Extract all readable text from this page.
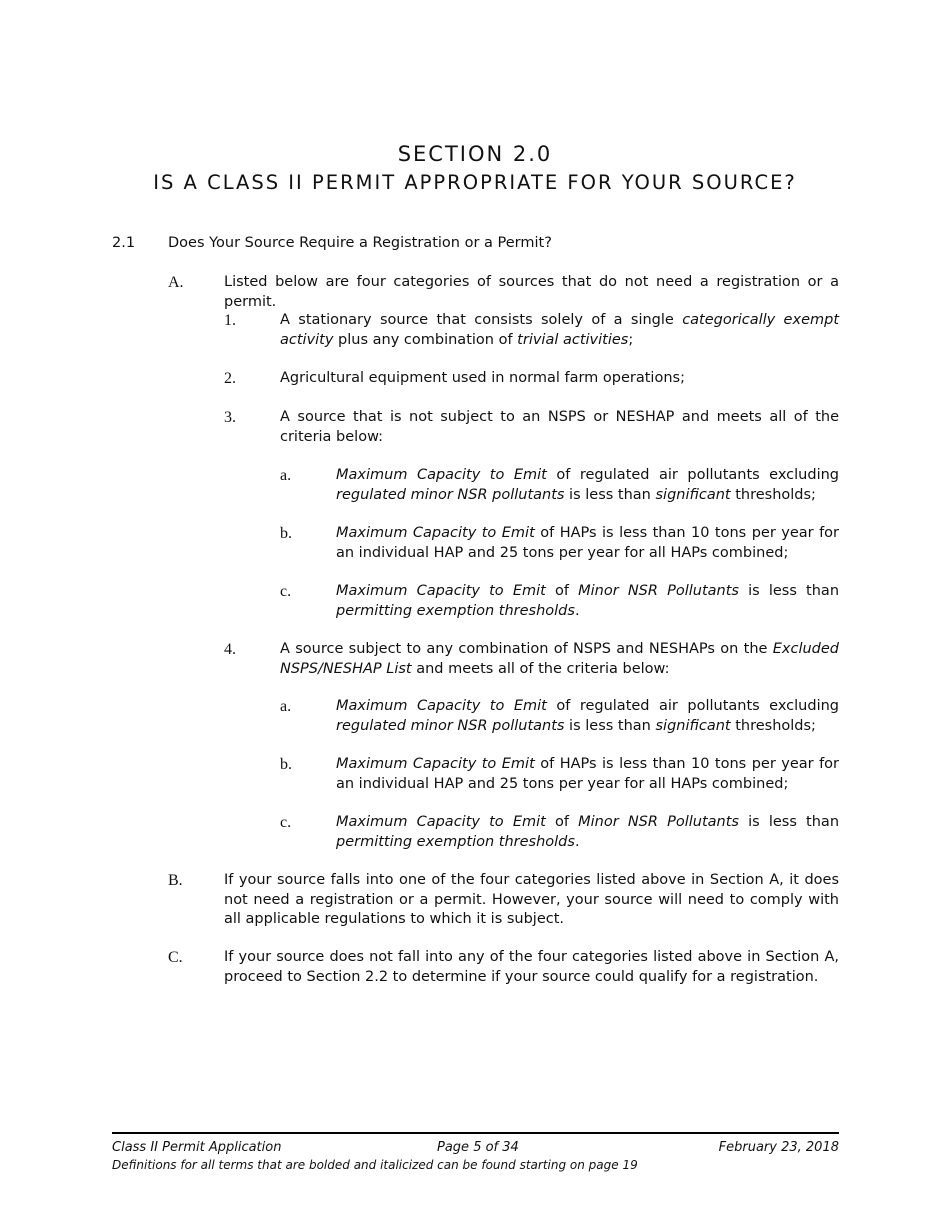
SECTION 2.0
IS A CLASS II PERMIT APPROPRIATE FOR YOUR SOURCE?
2.1 Does Your Source Require a Registration or a Permit?
A.	Listed below are four categories of sources that do not need a registration or a permit.
1.	A stationary source that consists solely of a single categorically exempt activity plus any combination of trivial activities;
2.	Agricultural equipment used in normal farm operations;
3.	A source that is not subject to an NSPS or NESHAP and meets all of the criteria below:
a.	Maximum Capacity to Emit of regulated air pollutants excluding regulated minor NSR pollutants is less than significant thresholds;
b.	Maximum Capacity to Emit of HAPs is less than 10 tons per year for an individual HAP and 25 tons per year for all HAPs combined;
c.	Maximum Capacity to Emit of Minor NSR Pollutants is less than permitting exemption thresholds.
4.	A source subject to any combination of NSPS and NESHAPs on the Excluded NSPS/NESHAP List and meets all of the criteria below:
a.	Maximum Capacity to Emit of regulated air pollutants excluding regulated minor NSR pollutants is less than significant thresholds;
b.	Maximum Capacity to Emit of HAPs is less than 10 tons per year for an individual HAP and 25 tons per year for all HAPs combined;
c.	Maximum Capacity to Emit of Minor NSR Pollutants is less than permitting exemption thresholds.
B.	If your source falls into one of the four categories listed above in Section A, it does not need a registration or a permit. However, your source will need to comply with all applicable regulations to which it is subject.
C.	If your source does not fall into any of the four categories listed above in Section A, proceed to Section 2.2 to determine if your source could qualify for a registration.
Class II Permit Application	Page 5 of 34	February 23, 2018
Definitions for all terms that are bolded and italicized can be found starting on page 19
